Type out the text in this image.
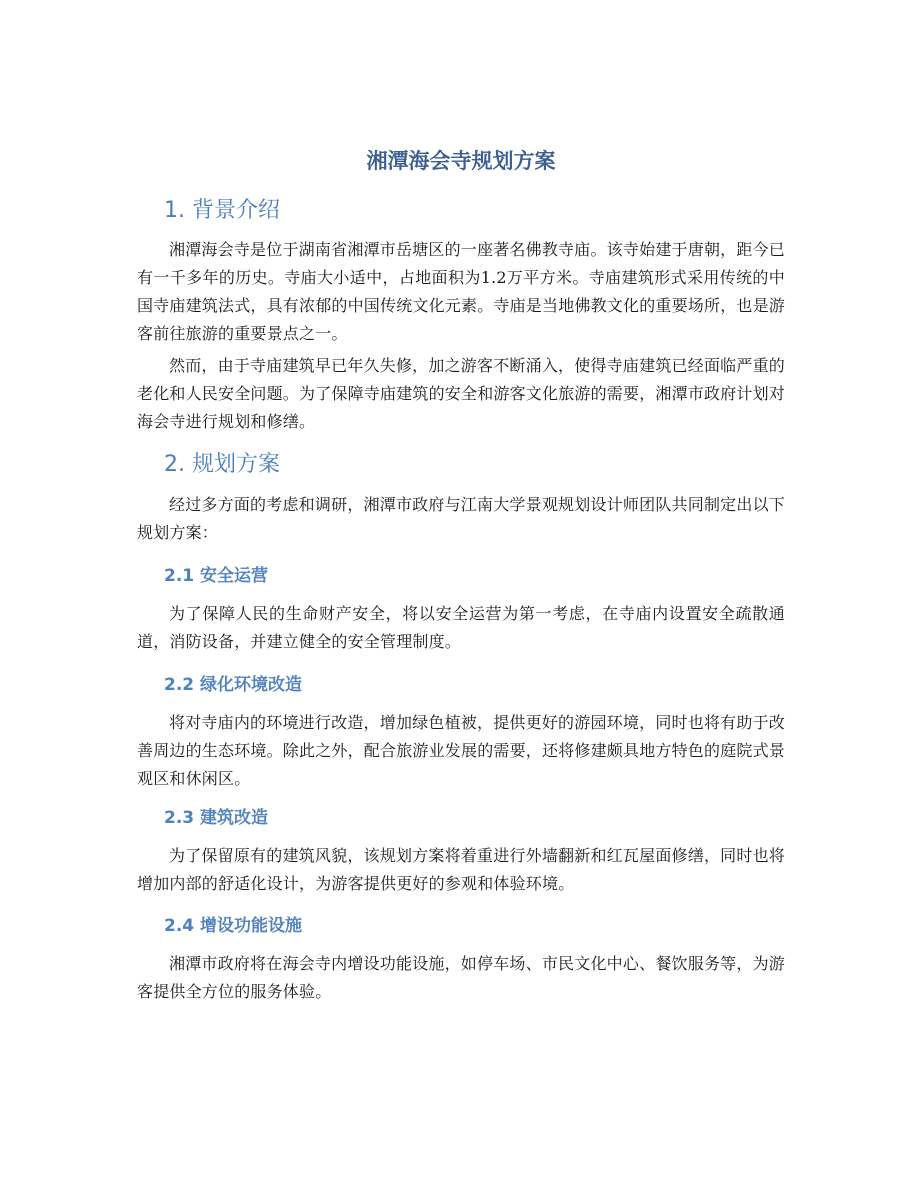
湘潭海会寺规划方案
1. 背景介绍

湘潭海会寺是位于湖南省湘潭市岳塘区的一座著名佛教寺庙。该寺始建于唐朝，距今已有一千多年的历史。寺庙大小适中，占地面积为1.2万平方米。寺庙建筑形式采用传统的中国寺庙建筑法式，具有浓郁的中国传统文化元素。寺庙是当地佛教文化的重要场所，也是游客前往旅游的重要景点之一。

然而，由于寺庙建筑早已年久失修，加之游客不断涌入，使得寺庙建筑已经面临严重的老化和人民安全问题。为了保障寺庙建筑的安全和游客文化旅游的需要，湘潭市政府计划对海会寺进行规划和修缮。

2. 规划方案

经过多方面的考虑和调研，湘潭市政府与江南大学景观规划设计师团队共同制定出以下规划方案：

2.1 安全运营

为了保障人民的生命财产安全，将以安全运营为第一考虑，在寺庙内设置安全疏散通道，消防设备，并建立健全的安全管理制度。

2.2 绿化环境改造

将对寺庙内的环境进行改造，增加绿色植被，提供更好的游园环境，同时也将有助于改善周边的生态环境。除此之外，配合旅游业发展的需要，还将修建颇具地方特色的庭院式景观区和休闲区。

2.3 建筑改造

为了保留原有的建筑风貌，该规划方案将着重进行外墙翻新和红瓦屋面修缮，同时也将增加内部的舒适化设计，为游客提供更好的参观和体验环境。

2.4 增设功能设施

湘潭市政府将在海会寺内增设功能设施，如停车场、市民文化中心、餐饮服务等，为游客提供全方位的服务体验。
